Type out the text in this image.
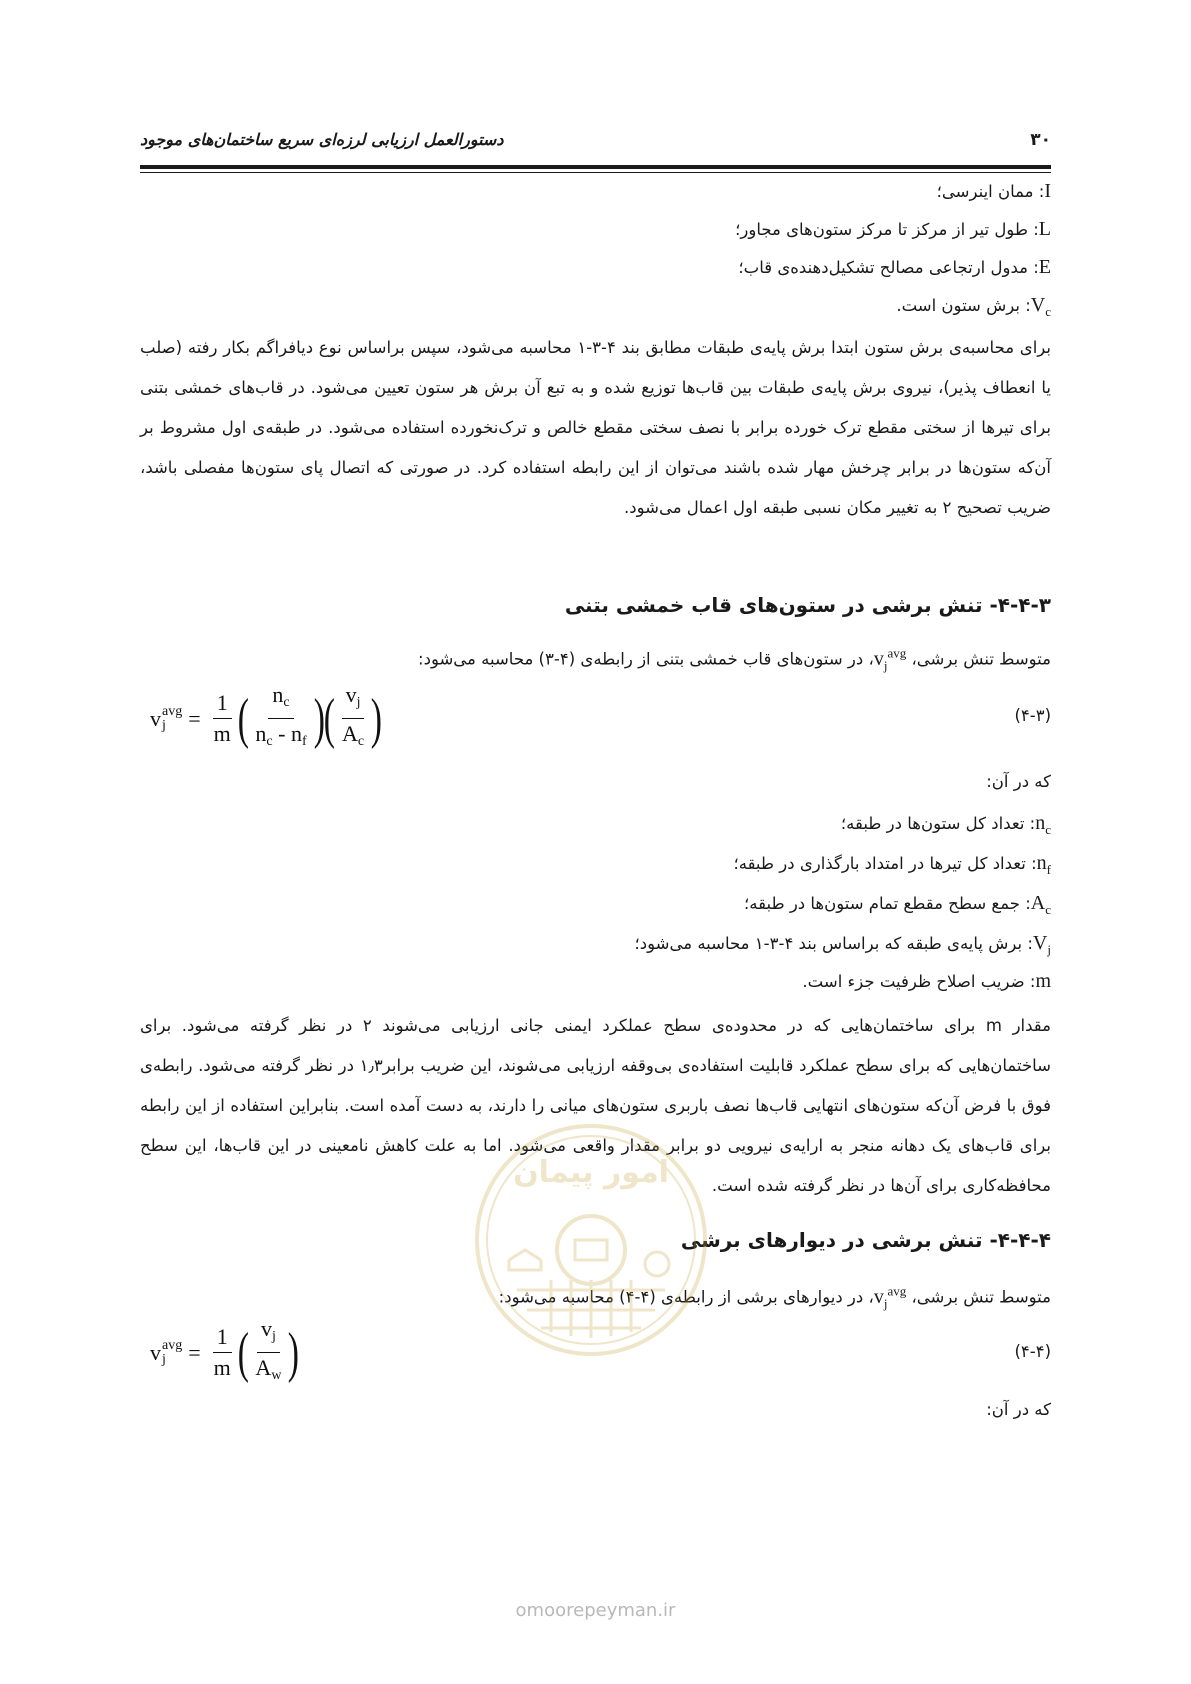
۳۰
دستورالعمل ارزیابی لرزه‌ای سریع ساختمان‌های موجود
I: ممان اینرسی؛
L: طول تیر از مرکز تا مرکز ستون‌های مجاور؛
E: مدول ارتجاعی مصالح تشکیل‌دهنده‌ی قاب؛
$V_c$: برش ستون است.
برای محاسبه‌ی برش ستون ابتدا برش پایه‌ی طبقات مطابق بند ۴-۳-۱ محاسبه می‌شود، سپس براساس نوع دیافراگم بکار رفته (صلب یا انعطاف پذیر)، نیروی برش پایه‌ی طبقات بین قاب‌ها توزیع شده و به تبع آن برش هر ستون تعیین می‌شود. در قاب‌های خمشی بتنی برای تیرها از سختی مقطع ترک خورده برابر با نصف سختی مقطع خالص و ترک‌نخورده استفاده می‌شود. در طبقه‌ی اول مشروط بر آن‌که ستون‌ها در برابر چرخش مهار شده باشند می‌توان از این رابطه استفاده کرد. در صورتی که اتصال پای ستون‌ها مفصلی باشد، ضریب تصحیح ۲ به تغییر مکان نسبی طبقه اول اعمال می‌شود.
۴-۴-۳- تنش برشی در ستون‌های قاب خمشی بتنی
متوسط تنش برشی، $v_j^{avg}،$ در ستون‌های قاب خمشی بتنی از رابطه‌ی (۴-۳) محاسبه می‌شود:
v avg
j	= $\frac{1}{m}$ ( $\frac{n_c}{n_c - n_f}$ ) ( $\frac{v_j}{A_c}$ )	(۴-۳)
که در آن:
$n_c$: تعداد کل ستون‌ها در طبقه؛
$n_f$: تعداد کل تیرها در امتداد بارگذاری در طبقه؛
$A_c$: جمع سطح مقطع تمام ستون‌ها در طبقه؛
$V_j$: برش پایه‌ی طبقه که براساس بند ۴-۳-۱ محاسبه می‌شود؛
m: ضریب اصلاح ظرفیت جزء است.
مقدار m برای ساختمان‌هایی که در محدوده‌ی سطح عملکرد ایمنی جانی ارزیابی می‌شوند ۲ در نظر گرفته می‌شود. برای ساختمان‌هایی که برای سطح عملکرد قابلیت استفاده‌ی بی‌وقفه ارزیابی می‌شوند، این ضریب برابر۱٫۳ در نظر گرفته می‌شود. رابطه‌ی فوق با فرض آن‌که ستون‌های انتهایی قاب‌ها نصف باربری ستون‌های میانی را دارند، به دست آمده است. بنابراین استفاده از این رابطه برای قاب‌های یک دهانه منجر به ارایه‌ی نیرویی دو برابر مقدار واقعی می‌شود. اما به علت کاهش نامعینی در این قاب‌ها، این سطح محافظه‌کاری برای آن‌ها در نظر گرفته شده است.
۴-۴-۴- تنش برشی در دیوارهای برشی
متوسط تنش برشی، $v_j^{avg}،$ در دیوارهای برشی از رابطه‌ی (۴-۴) محاسبه می‌شود:
v avg
j	= $\frac{1}{m}$ ( $\frac{v_j}{A_w}$ )	(۴-۴)
که در آن:
امور پیمان
omoorepeyman.ir
